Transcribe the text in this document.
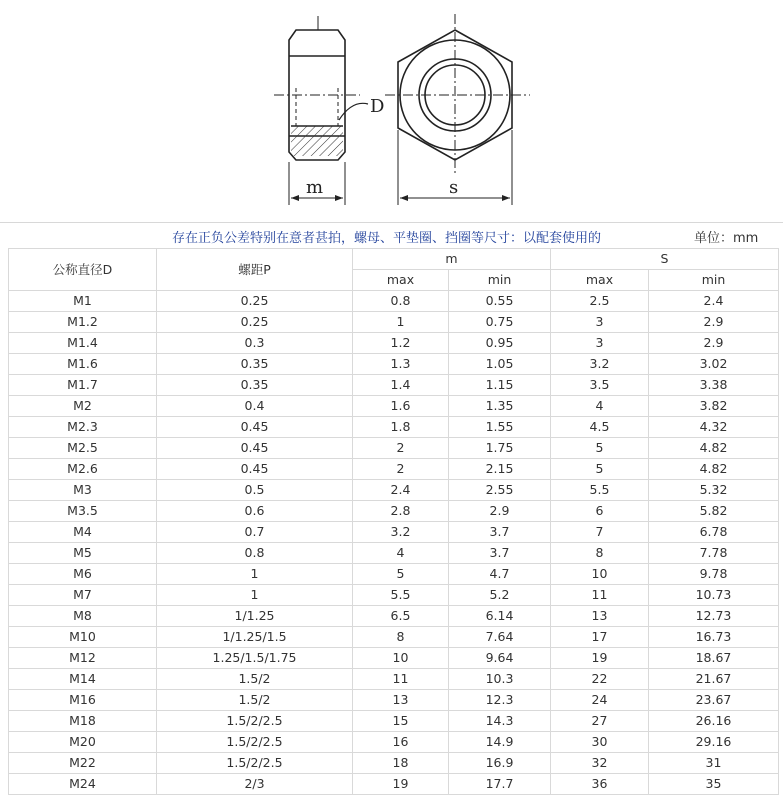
D
m	s
存在正负公差特别在意者甚拍，螺母、平垫圈、挡圈等尺寸：以配套使用的	单位：mm
公称直径D	螺距P	m		S	
		max	min	max	min
M1	0.25	0.8	0.55	2.5	2.4
M1.2	0.25	1	0.75	3	2.9
M1.4	0.3	1.2	0.95	3	2.9
M1.6	0.35	1.3	1.05	3.2	3.02
M1.7	0.35	1.4	1.15	3.5	3.38
M2	0.4	1.6	1.35	4	3.82
M2.3	0.45	1.8	1.55	4.5	4.32
M2.5	0.45	2	1.75	5	4.82
M2.6	0.45	2	2.15	5	4.82
M3	0.5	2.4	2.55	5.5	5.32
M3.5	0.6	2.8	2.9	6	5.82
M4	0.7	3.2	3.7	7	6.78
M5	0.8	4	3.7	8	7.78
M6	1	5	4.7	10	9.78
M7	1	5.5	5.2	11	10.73
M8	1/1.25	6.5	6.14	13	12.73
M10	1/1.25/1.5	8	7.64	17	16.73
M12	1.25/1.5/1.75	10	9.64	19	18.67
M14	1.5/2	11	10.3	22	21.67
M16	1.5/2	13	12.3	24	23.67
M18	1.5/2/2.5	15	14.3	27	26.16
M20	1.5/2/2.5	16	14.9	30	29.16
M22	1.5/2/2.5	18	16.9	32	31
M24	2/3	19	17.7	36	35
